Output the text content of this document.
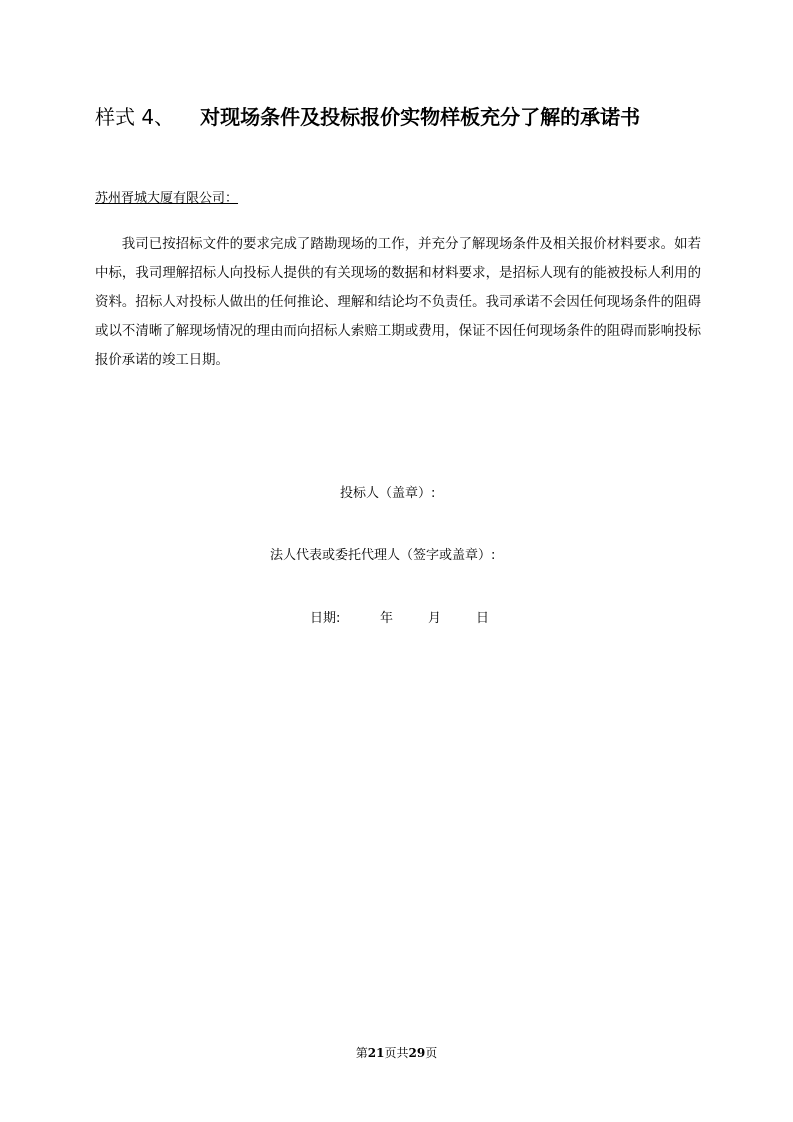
样式 4、 对现场条件及投标报价实物样板充分了解的承诺书
苏州胥城大厦有限公司：

我司已按招标文件的要求完成了踏勘现场的工作，并充分了解现场条件及相关报价材料要求。如若中标，我司理解招标人向投标人提供的有关现场的数据和材料要求，是招标人现有的能被投标人利用的资料。招标人对投标人做出的任何推论、理解和结论均不负责任。我司承诺不会因任何现场条件的阻碍或以不清晰了解现场情况的理由而向招标人索赔工期或费用，保证不因任何现场条件的阻碍而影响投标报价承诺的竣工日期。

投标人（盖章）:
法人代表或委托代理人（签字或盖章）:
日期:	年	月	日
第21页共29页
